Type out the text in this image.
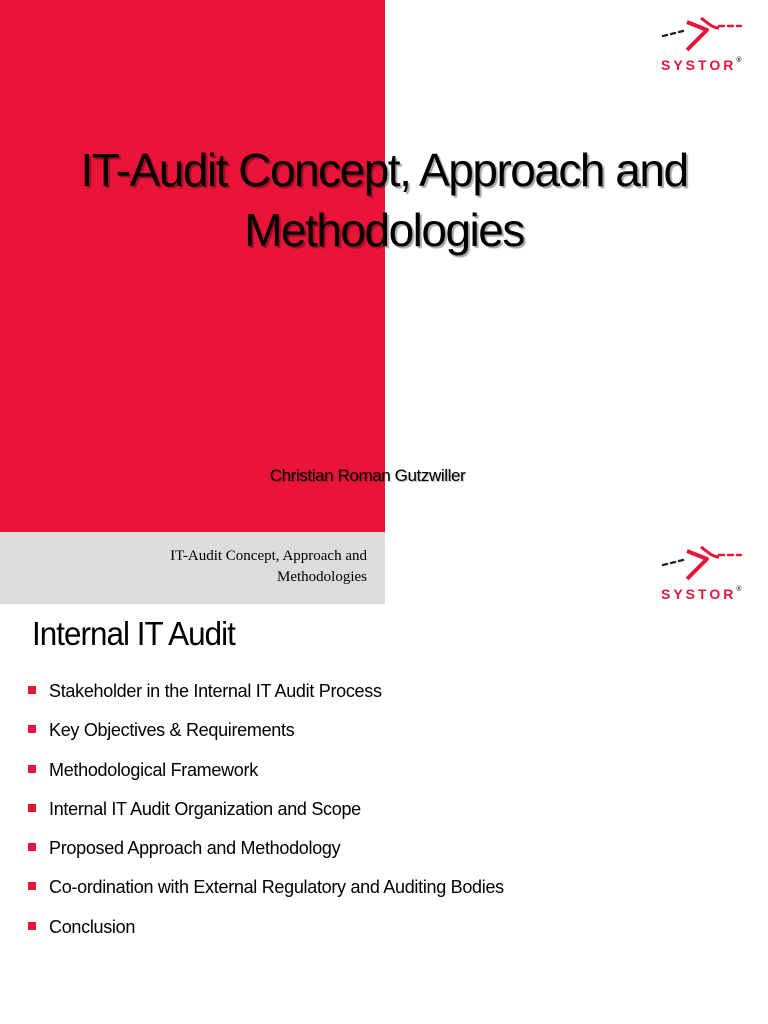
IT-Audit Concept, Approach and
Methodologies
Christian Roman Gutzwiller
SYSTOR®
IT-Audit Concept, Approach and
Methodologies
SYSTOR®
Internal IT Audit
Stakeholder in the Internal IT Audit Process
Key Objectives & Requirements
Methodological Framework
Internal IT Audit Organization and Scope
Proposed Approach and Methodology
Co-ordination with External Regulatory and Auditing Bodies
Conclusion
